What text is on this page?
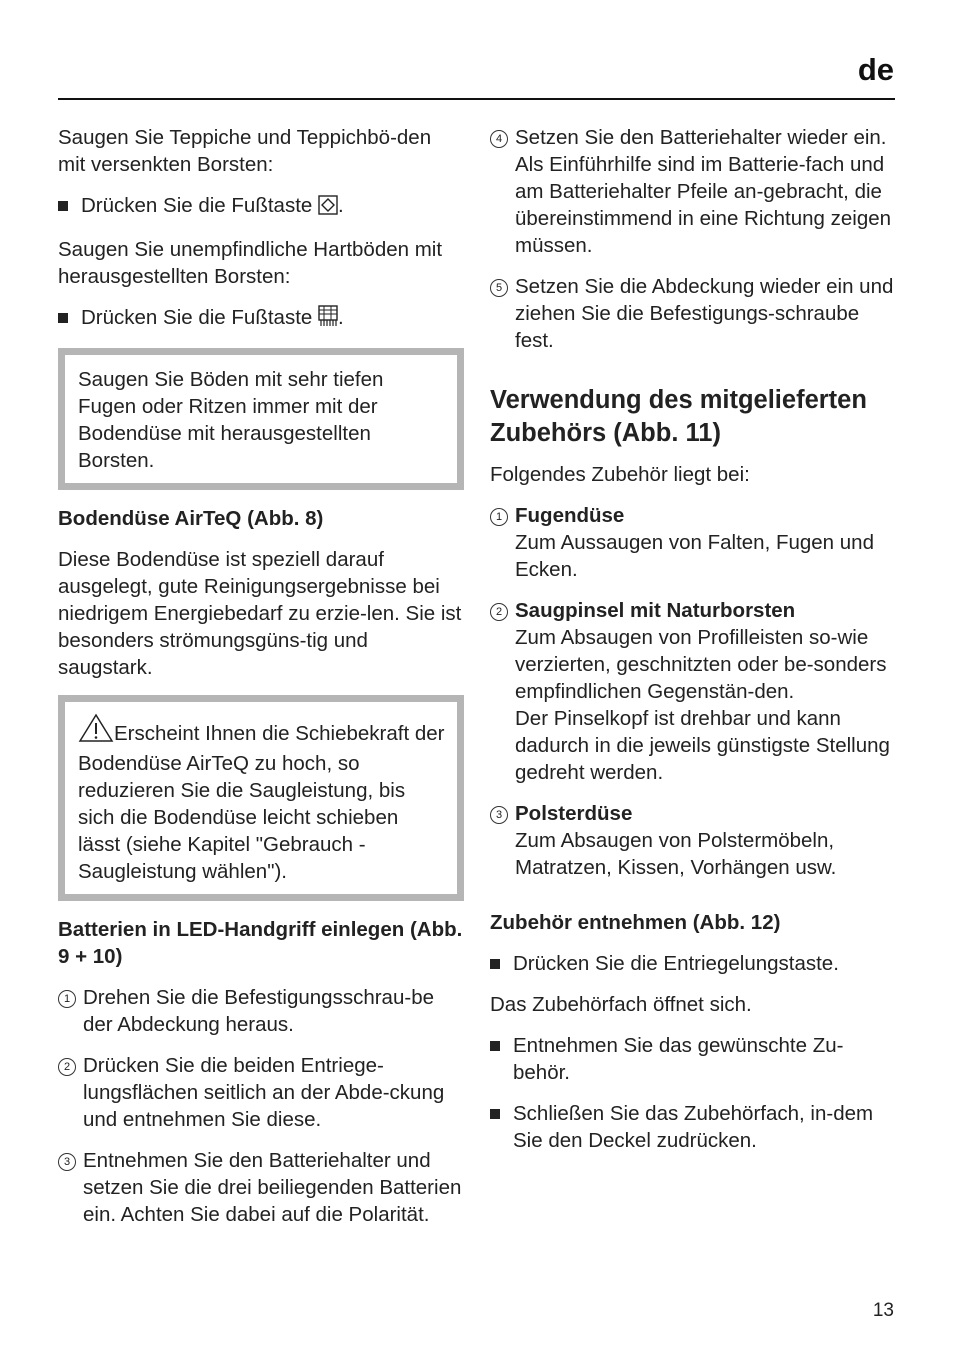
de

Saugen Sie Teppiche und Teppichbö-den mit versenkten Borsten:

Drücken Sie die Fußtaste .

Saugen Sie unempfindliche Hartböden mit herausgestellten Borsten:

Drücken Sie die Fußtaste .
Saugen Sie Böden mit sehr tiefen Fugen oder Ritzen immer mit der Bodendüse mit herausgestellten Borsten.
Bodendüse AirTeQ (Abb. 8)

Diese Bodendüse ist speziell darauf ausgelegt, gute Reinigungsergebnisse bei niedrigem Energiebedarf zu erzie-len. Sie ist besonders strömungsgüns-tig und saugstark.

Erscheint Ihnen die Schiebekraft der Bodendüse AirTeQ zu hoch, so reduzieren Sie die Saugleistung, bis sich die Bodendüse leicht schieben lässt (siehe Kapitel "Gebrauch - Saugleistung wählen").
Batterien in LED-Handgriff einlegen (Abb. 9 + 10)
1 Drehen Sie die Befestigungsschrau-be der Abdeckung heraus.
2 Drücken Sie die beiden Entriege-lungsflächen seitlich an der Abde-ckung und entnehmen Sie diese.
3 Entnehmen Sie den Batteriehalter und setzen Sie die drei beiliegenden Batterien ein. Achten Sie dabei auf die Polarität.
4 Setzen Sie den Batteriehalter wieder ein. Als Einführhilfe sind im Batterie-fach und am Batteriehalter Pfeile an-gebracht, die übereinstimmend in eine Richtung zeigen müssen.
5 Setzen Sie die Abdeckung wieder ein und ziehen Sie die Befestigungs-schraube fest.
Verwendung des mitgelieferten Zubehörs (Abb. 11)

Folgendes Zubehör liegt bei:

1 Fugendüse
Zum Aussaugen von Falten, Fugen und Ecken.
2 Saugpinsel mit Naturborsten
Zum Absaugen von Profilleisten so-wie verzierten, geschnitzten oder be-sonders empfindlichen Gegenstän-den.
Der Pinselkopf ist drehbar und kann dadurch in die jeweils günstigste Stellung gedreht werden.
3 Polsterdüse
Zum Absaugen von Polstermöbeln, Matratzen, Kissen, Vorhängen usw.
Zubehör entnehmen (Abb. 12)
Drücken Sie die Entriegelungstaste.

Das Zubehörfach öffnet sich.

Entnehmen Sie das gewünschte Zu-behör.
Schließen Sie das Zubehörfach, in-dem Sie den Deckel zudrücken.
13
